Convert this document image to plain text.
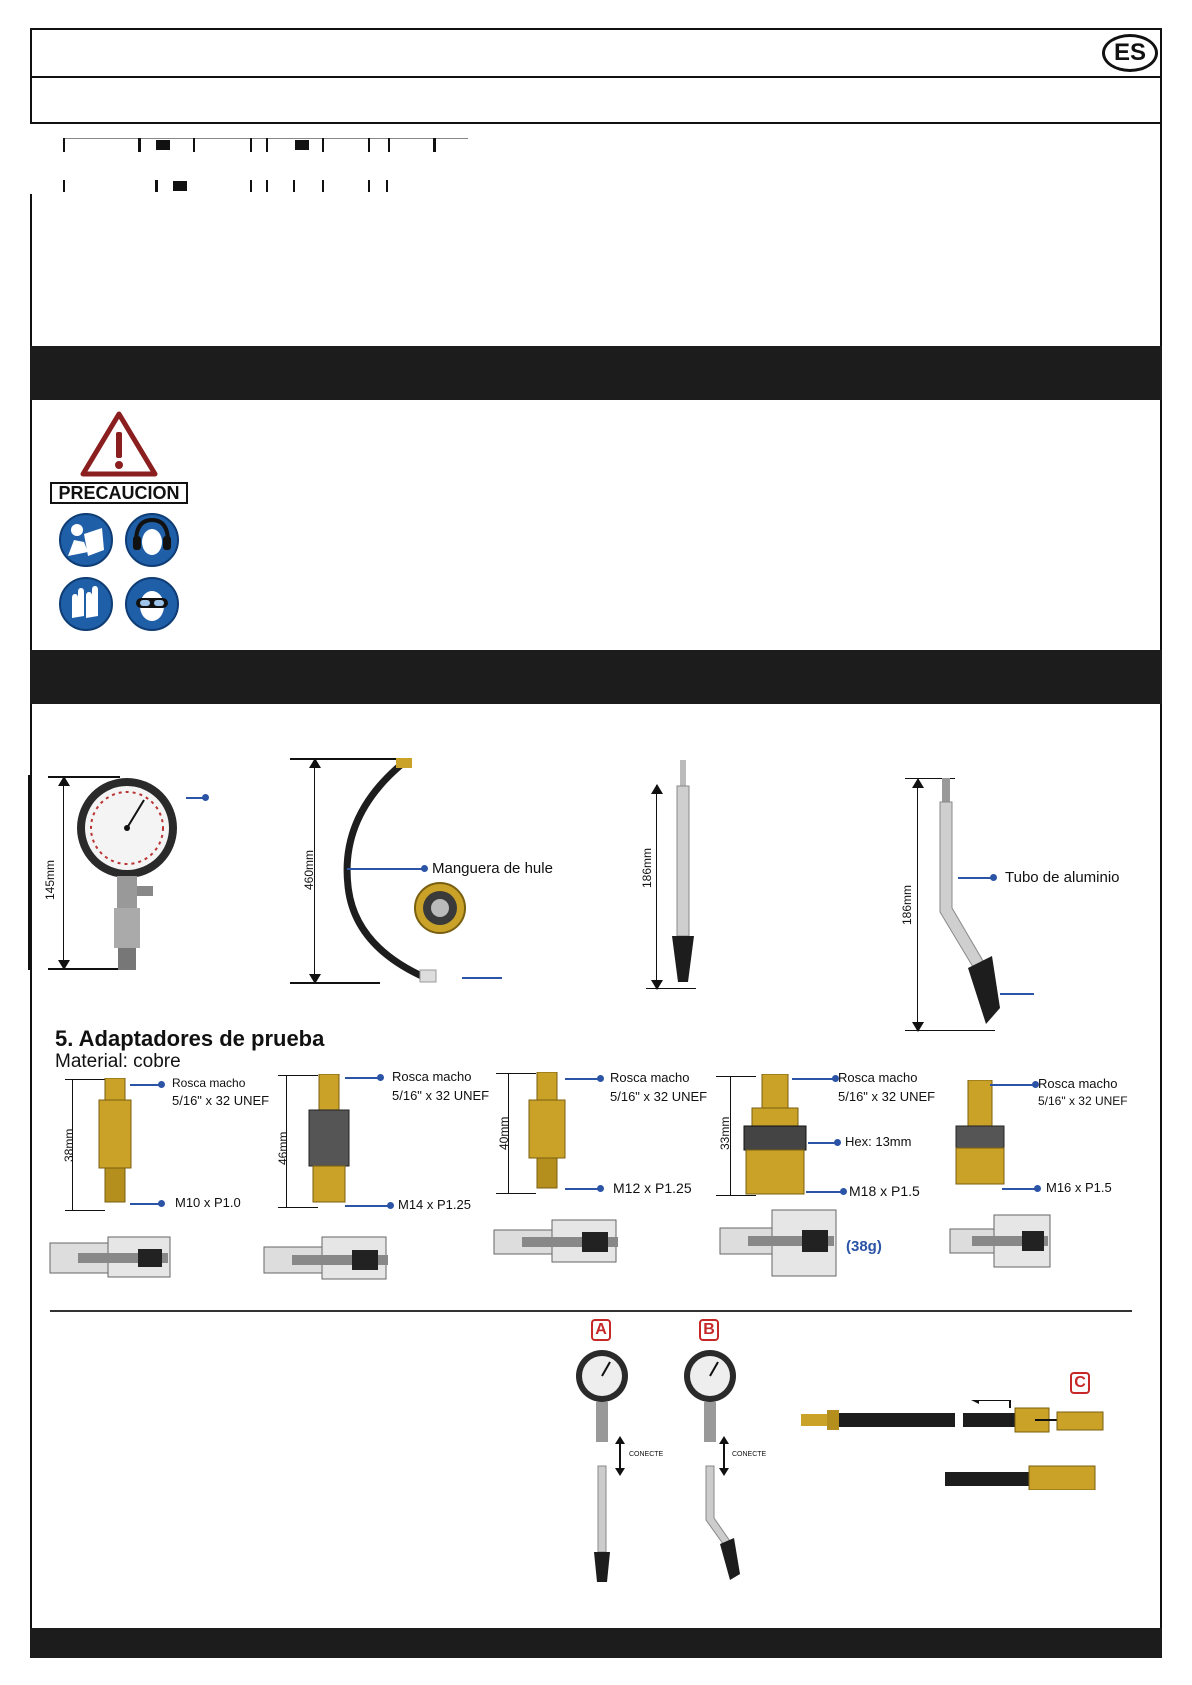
ES
PRECAUCION
145mm	460mm	Manguera de hule	186mm
186mm
Tubo de aluminio
5. Adaptadores de prueba
Material: cobre
38mm
Rosca macho
5/16" x 32 UNEF
M10 x P1.0
46mm
Rosca macho
5/16" x 32 UNEF
M14 x P1.25
40mm
Rosca macho
5/16" x 32 UNEF
M12 x P1.25
33mm
Rosca macho
5/16" x 32 UNEF
Hex: 13mm
M18 x P1.5
(38g)
Rosca macho
5/16" x 32 UNEF
M16 x P1.5
A	B
C
CONECTE	CONECTE
